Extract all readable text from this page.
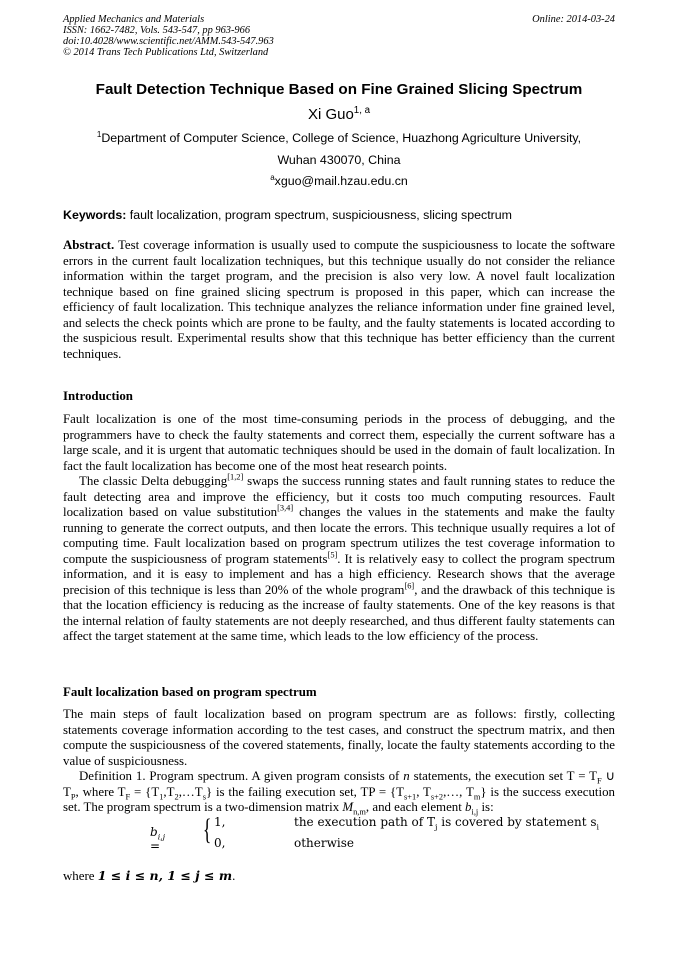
Applied Mechanics and Materials
ISSN: 1662-7482, Vols. 543-547, pp 963-966
doi:10.4028/www.scientific.net/AMM.543-547.963
© 2014 Trans Tech Publications Ltd, Switzerland
Online: 2014-03-24
Fault Detection Technique Based on Fine Grained Slicing Spectrum
Xi Guo$^{1, a}$
$^1$Department of Computer Science, College of Science, Huazhong Agriculture University,
Wuhan 430070, China
$^a$xguo@mail.hzau.edu.cn
Keywords: fault localization, program spectrum, suspiciousness, slicing spectrum

Abstract. Test coverage information is usually used to compute the suspiciousness to locate the software errors in the current fault localization techniques, but this technique usually do not consider the reliance information within the target program, and the precision is also very low. A novel fault localization technique based on fine grained slicing spectrum is proposed in this paper, which can increase the efficiency of fault localization. This technique analyzes the reliance information under fine grained level, and selects the check points which are prone to be faulty, and the faulty statements is located according to the suspicious result. Experimental results show that this technique has better efficiency than the current techniques.

Introduction

Fault localization is one of the most time-consuming periods in the process of debugging, and the programmers have to check the faulty statements and correct them, especially the current software has a large scale, and it is urgent that automatic techniques should be used in the domain of fault localization. In fact the fault localization has become one of the most heat research points.

The classic Delta debugging[1,2] swaps the success running states and fault running states to reduce the fault detecting area and improve the efficiency, but it costs too much computing resources. Fault localization based on value substitution[3,4] changes the values in the statements and make the faulty running to generate the correct outputs, and then locate the errors. This technique usually requires a lot of computing time. Fault localization based on program spectrum utilizes the test coverage information to compute the suspiciousness of program statements[5]. It is relatively easy to collect the program spectrum information, and it is easy to implement and has a high efficiency. Research shows that the average precision of this technique is less than 20% of the whole program[6], and the drawback of this technique is that the location efficiency is reducing as the increase of faulty statements. One of the key reasons is that the internal relation of faulty statements are not deeply researched, and thus different faulty statements can affect the target statement at the same time, which leads to the low efficiency of the process.

Fault localization based on program spectrum

The main steps of fault localization based on program spectrum are as follows: firstly, collecting statements coverage information according to the test cases, and construct the spectrum matrix, and then compute the suspiciousness of the covered statements, finally, locate the faulty statements according to the value of suspiciousness.

Definition 1. Program spectrum. A given program consists of n statements, the execution set $T = T_F$ ∪ $T_P$, where $T_F$ = $\{T_1,T_2,\dots T_s\}$ is the failing execution set, TP = {$T_{s+1}$, $T_{s+2},\dots$, $T_m$} is the success execution set. The program spectrum is a two-dimension matrix $M_{n,m}$, and each element $b_{i,j}$ is:

$b_{i,j}$ = { 1,	the execution path of $T_j$ is covered by statement $s_i$
0,	otherwise
where 1 ≤ i ≤ n, 1 ≤ j ≤ m.
